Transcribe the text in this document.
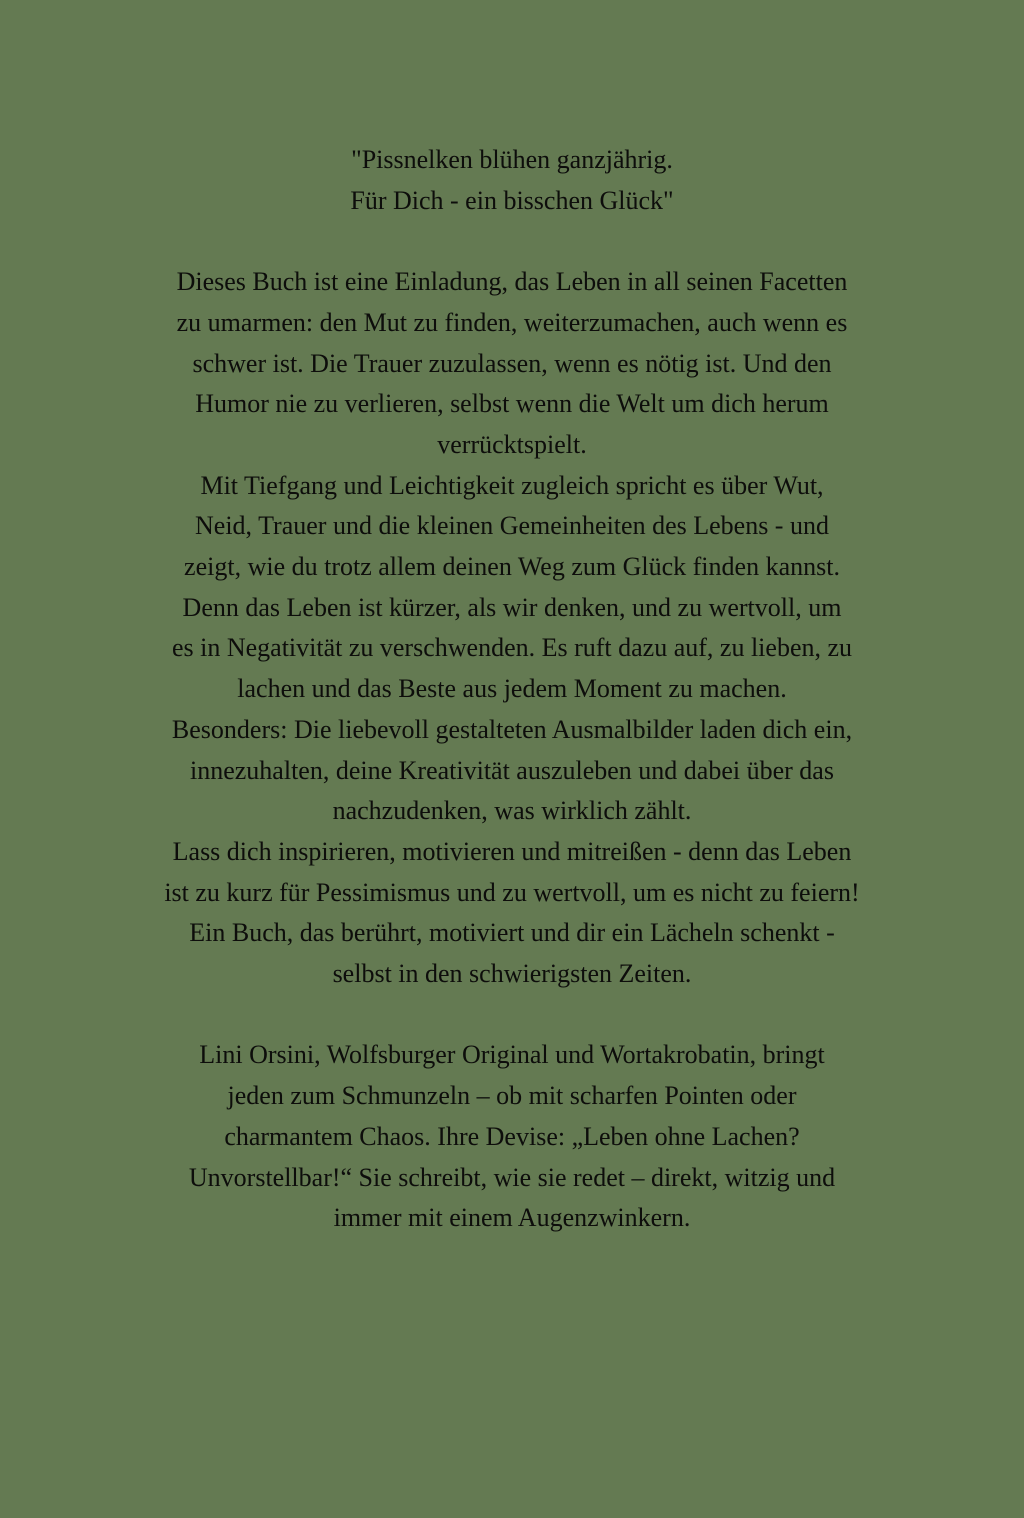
"Pissnelken blühen ganzjährig.
Für Dich - ein bisschen Glück"
Dieses Buch ist eine Einladung, das Leben in all seinen Facetten
zu umarmen: den Mut zu finden, weiterzumachen, auch wenn es
schwer ist. Die Trauer zuzulassen, wenn es nötig ist. Und den
Humor nie zu verlieren, selbst wenn die Welt um dich herum
verrücktspielt.
Mit Tiefgang und Leichtigkeit zugleich spricht es über Wut,
Neid, Trauer und die kleinen Gemeinheiten des Lebens - und
zeigt, wie du trotz allem deinen Weg zum Glück finden kannst.
Denn das Leben ist kürzer, als wir denken, und zu wertvoll, um
es in Negativität zu verschwenden. Es ruft dazu auf, zu lieben, zu
lachen und das Beste aus jedem Moment zu machen.
Besonders: Die liebevoll gestalteten Ausmalbilder laden dich ein,
innezuhalten, deine Kreativität auszuleben und dabei über das
nachzudenken, was wirklich zählt.
Lass dich inspirieren, motivieren und mitreißen - denn das Leben
ist zu kurz für Pessimismus und zu wertvoll, um es nicht zu feiern!
Ein Buch, das berührt, motiviert und dir ein Lächeln schenkt -
selbst in den schwierigsten Zeiten.
Lini Orsini, Wolfsburger Original und Wortakrobatin, bringt
jeden zum Schmunzeln – ob mit scharfen Pointen oder
charmantem Chaos. Ihre Devise: „Leben ohne Lachen?
Unvorstellbar!“ Sie schreibt, wie sie redet – direkt, witzig und
immer mit einem Augenzwinkern.
